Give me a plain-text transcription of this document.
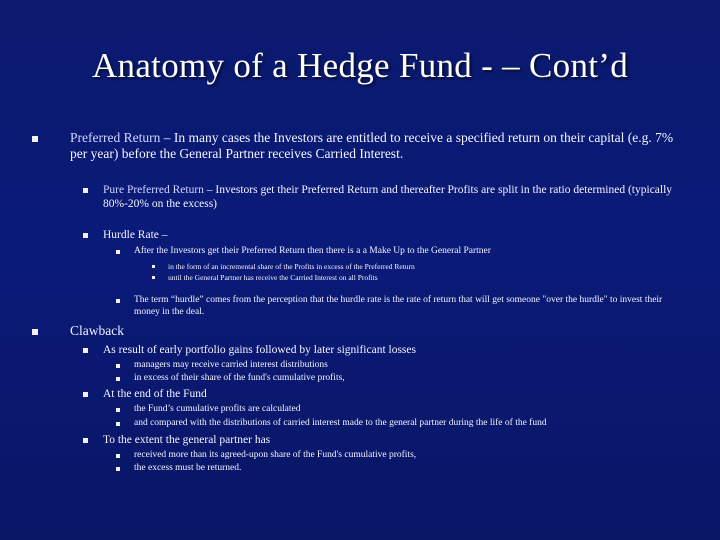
Anatomy of a Hedge Fund - – Cont’d
Preferred Return – In many cases the Investors are entitled to receive a specified return on their capital (e.g. 7% per year) before the General Partner receives Carried Interest.
Pure Preferred Return – Investors get their Preferred Return and thereafter Profits are split in the ratio determined (typically 80%-20% on the excess)
Hurdle Rate –
After the Investors get their Preferred Return then there is a a Make Up to the General Partner
in the form of an incremental share of the Profits in excess of the Preferred Return
until the General Partner has receive the Carried Interest on all Profits
The term “hurdle” comes from the perception that the hurdle rate is the rate of return that will get someone "over the hurdle" to invest their money in the deal.
Clawback
As result of early portfolio gains followed by later significant losses
managers may receive carried interest distributions
in excess of their share of the fund's cumulative profits,
At the end of the Fund
the Fund’s cumulative profits are calculated
and compared with the distributions of carried interest made to the general partner during the life of the fund
To the extent the general partner has
received more than its agreed-upon share of the Fund's cumulative profits,
the excess must be returned.
